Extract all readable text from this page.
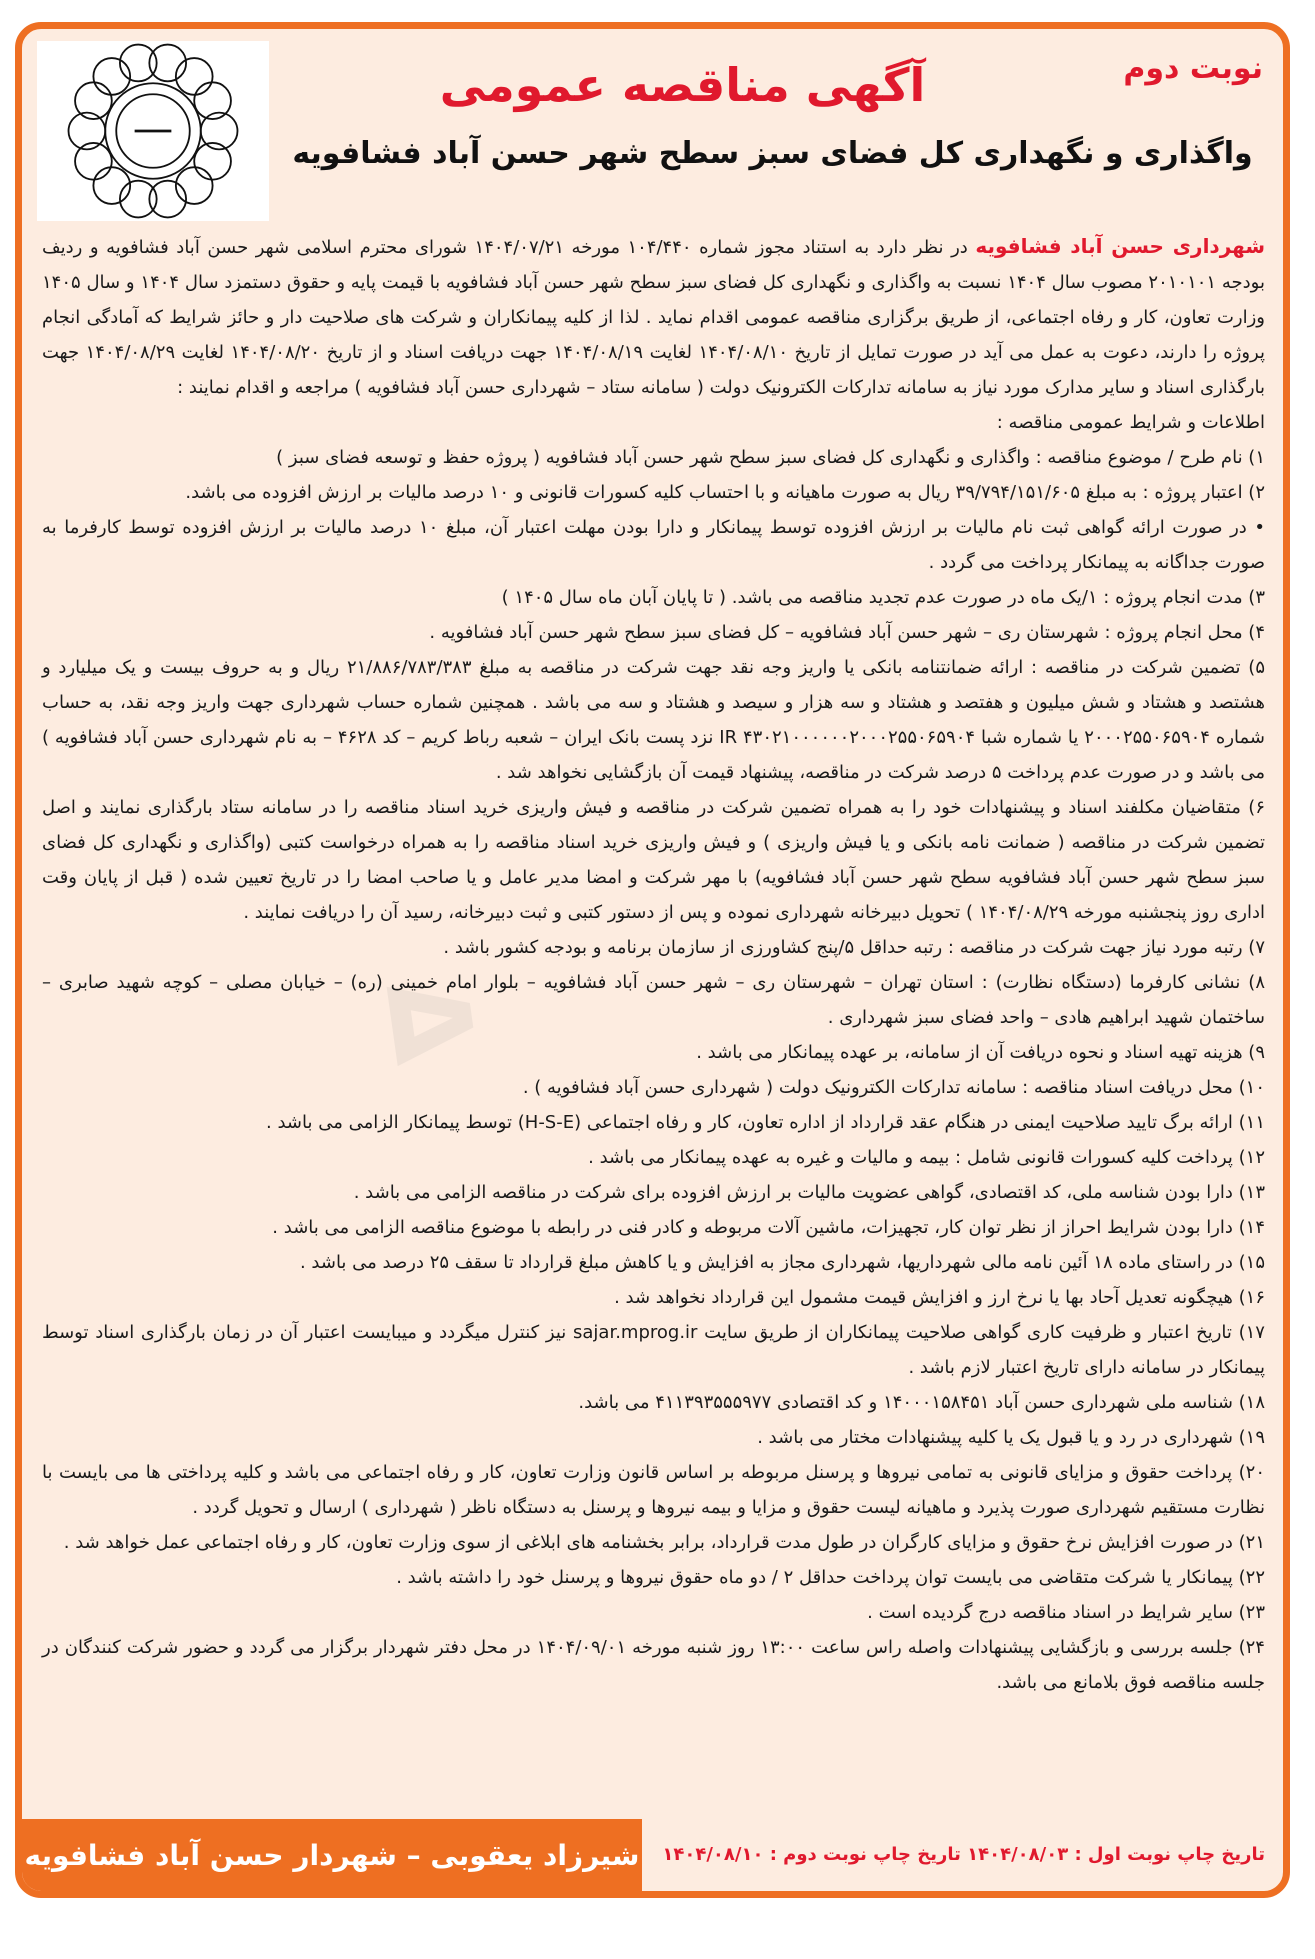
نوبت دوم
آگهی مناقصه عمومی
واگذاری و نگهداری کل فضای سبز سطح شهر حسن آباد فشافویه
ᐅ

شهرداری حسن آباد فشافویه در نظر دارد به استناد مجوز شماره ۱۰۴/۴۴۰ مورخه ۱۴۰۴/۰۷/۲۱ شورای محترم اسلامی شهر حسن آباد فشافویه و ردیف بودجه ۲۰۱۰۱۰۱ مصوب سال ۱۴۰۴ نسبت به واگذاری و نگهداری کل فضای سبز سطح شهر حسن آباد فشافویه با قیمت پایه و حقوق دستمزد سال ۱۴۰۴ و سال ۱۴۰۵ وزارت تعاون، کار و رفاه اجتماعی، از طریق برگزاری مناقصه عمومی اقدام نماید . لذا از کلیه پیمانکاران و شرکت های صلاحیت دار و حائز شرایط که آمادگی انجام پروژه را دارند، دعوت به عمل می آید در صورت تمایل از تاریخ ۱۴۰۴/۰۸/۱۰ لغایت ۱۴۰۴/۰۸/۱۹ جهت دریافت اسناد و از تاریخ ۱۴۰۴/۰۸/۲۰ لغایت ۱۴۰۴/۰۸/۲۹ جهت بارگذاری اسناد و سایر مدارک مورد نیاز به سامانه تدارکات الکترونیک دولت ( سامانه ستاد – شهرداری حسن آباد فشافویه ) مراجعه و اقدام نمایند :

اطلاعات و شرایط عمومی مناقصه :

۱) نام طرح / موضوع مناقصه : واگذاری و نگهداری کل فضای سبز سطح شهر حسن آباد فشافویه ( پروژه حفظ و توسعه فضای سبز )

۲) اعتبار پروژه : به مبلغ ۳۹/۷۹۴/۱۵۱/۶۰۵ ریال به صورت ماهیانه و با احتساب کلیه کسورات قانونی و ۱۰ درصد مالیات بر ارزش افزوده می باشد.

• در صورت ارائه گواهی ثبت نام مالیات بر ارزش افزوده توسط پیمانکار و دارا بودن مهلت اعتبار آن، مبلغ ۱۰ درصد مالیات بر ارزش افزوده توسط کارفرما به صورت جداگانه به پیمانکار پرداخت می گردد .

۳) مدت انجام پروژه : ۱/یک ماه در صورت عدم تجدید مناقصه می باشد. ( تا پایان آبان ماه سال ۱۴۰۵ )

۴) محل انجام پروژه : شهرستان ری – شهر حسن آباد فشافویه – کل فضای سبز سطح شهر حسن آباد فشافویه .

۵) تضمین شرکت در مناقصه : ارائه ضمانتنامه بانکی یا واریز وجه نقد جهت شرکت در مناقصه به مبلغ ۲۱/۸۸۶/۷۸۳/۳۸۳ ریال و به حروف بیست و یک میلیارد و هشتصد و هشتاد و شش میلیون و هفتصد و هشتاد و سه هزار و سیصد و هشتاد و سه می باشد . همچنین شماره حساب شهرداری جهت واریز وجه نقد، به حساب شماره ۲۰۰۰۲۵۵۰۶۵۹۰۴ یا شماره شبا IR ۴۳۰۲۱۰۰۰۰۰۰۲۰۰۰۲۵۵۰۶۵۹۰۴ نزد پست بانک ایران – شعبه رباط کریم – کد ۴۶۲۸ – به نام شهرداری حسن آباد فشافویه ) می باشد و در صورت عدم پرداخت ۵ درصد شرکت در مناقصه، پیشنهاد قیمت آن بازگشایی نخواهد شد .

۶) متقاضیان مکلفند اسناد و پیشنهادات خود را به همراه تضمین شرکت در مناقصه و فیش واریزی خرید اسناد مناقصه را در سامانه ستاد بارگذاری نمایند و اصل تضمین شرکت در مناقصه ( ضمانت نامه بانکی و یا فیش واریزی ) و فیش واریزی خرید اسناد مناقصه را به همراه درخواست کتبی (واگذاری و نگهداری کل فضای سبز سطح شهر حسن آباد فشافویه سطح شهر حسن آباد فشافویه) با مهر شرکت و امضا مدیر عامل و یا صاحب امضا را در تاریخ تعیین شده ( قبل از پایان وقت اداری روز پنجشنبه مورخه ۱۴۰۴/۰۸/۲۹ ) تحویل دبیرخانه شهرداری نموده و پس از دستور کتبی و ثبت دبیرخانه، رسید آن را دریافت نمایند .

۷) رتبه مورد نیاز جهت شرکت در مناقصه : رتبه حداقل ۵/پنج کشاورزی از سازمان برنامه و بودجه کشور باشد .

۸) نشانی کارفرما (دستگاه نظارت) : استان تهران – شهرستان ری – شهر حسن آباد فشافویه – بلوار امام خمینی (ره) – خیابان مصلی – کوچه شهید صابری – ساختمان شهید ابراهیم هادی – واحد فضای سبز شهرداری .

۹) هزینه تهیه اسناد و نحوه دریافت آن از سامانه، بر عهده پیمانکار می باشد .

۱۰) محل دریافت اسناد مناقصه : سامانه تدارکات الکترونیک دولت ( شهرداری حسن آباد فشافویه ) .

۱۱) ارائه برگ تایید صلاحیت ایمنی در هنگام عقد قرارداد از اداره تعاون، کار و رفاه اجتماعی (H-S-E) توسط پیمانکار الزامی می باشد .

۱۲) پرداخت کلیه کسورات قانونی شامل : بیمه و مالیات و غیره به عهده پیمانکار می باشد .

۱۳) دارا بودن شناسه ملی، کد اقتصادی، گواهی عضویت مالیات بر ارزش افزوده برای شرکت در مناقصه الزامی می باشد .

۱۴) دارا بودن شرایط احراز از نظر توان کار، تجهیزات، ماشین آلات مربوطه و کادر فنی در رابطه با موضوع مناقصه الزامی می باشد .

۱۵) در راستای ماده ۱۸ آئین نامه مالی شهرداریها، شهرداری مجاز به افزایش و یا کاهش مبلغ قرارداد تا سقف ۲۵ درصد می باشد .

۱۶) هیچگونه تعدیل آحاد بها یا نرخ ارز و افزایش قیمت مشمول این قرارداد نخواهد شد .

۱۷) تاریخ اعتبار و ظرفیت کاری گواهی صلاحیت پیمانکاران از طریق سایت sajar.mprog.ir نیز کنترل میگردد و میبایست اعتبار آن در زمان بارگذاری اسناد توسط پیمانکار در سامانه دارای تاریخ اعتبار لازم باشد .

۱۸) شناسه ملی شهرداری حسن آباد ۱۴۰۰۰۱۵۸۴۵۱ و کد اقتصادی ۴۱۱۳۹۳۵۵۵۹۷۷ می باشد.

۱۹) شهرداری در رد و یا قبول یک یا کلیه پیشنهادات مختار می باشد .

۲۰) پرداخت حقوق و مزایای قانونی به تمامی نیروها و پرسنل مربوطه بر اساس قانون وزارت تعاون، کار و رفاه اجتماعی می باشد و کلیه پرداختی ها می بایست با نظارت مستقیم شهرداری صورت پذیرد و ماهیانه لیست حقوق و مزایا و بیمه نیروها و پرسنل به دستگاه ناظر ( شهرداری ) ارسال و تحویل گردد .

۲۱) در صورت افزایش نرخ حقوق و مزایای کارگران در طول مدت قرارداد، برابر بخشنامه های ابلاغی از سوی وزارت تعاون، کار و رفاه اجتماعی عمل خواهد شد .

۲۲) پیمانکار یا شرکت متقاضی می بایست توان پرداخت حداقل ۲ / دو ماه حقوق نیروها و پرسنل خود را داشته باشد .

۲۳) سایر شرایط در اسناد مناقصه درج گردیده است .

۲۴) جلسه بررسی و بازگشایی پیشنهادات واصله راس ساعت ۱۳:۰۰ روز شنبه مورخه ۱۴۰۴/۰۹/۰۱ در محل دفتر شهردار برگزار می گردد و حضور شرکت کنندگان در جلسه مناقصه فوق بلامانع می باشد.

شیرزاد یعقوبی – شهردار حسن آباد فشافویه تاریخ چاپ نوبت اول : ۱۴۰۴/۰۸/۰۳ تاریخ چاپ نوبت دوم : ۱۴۰۴/۰۸/۱۰
